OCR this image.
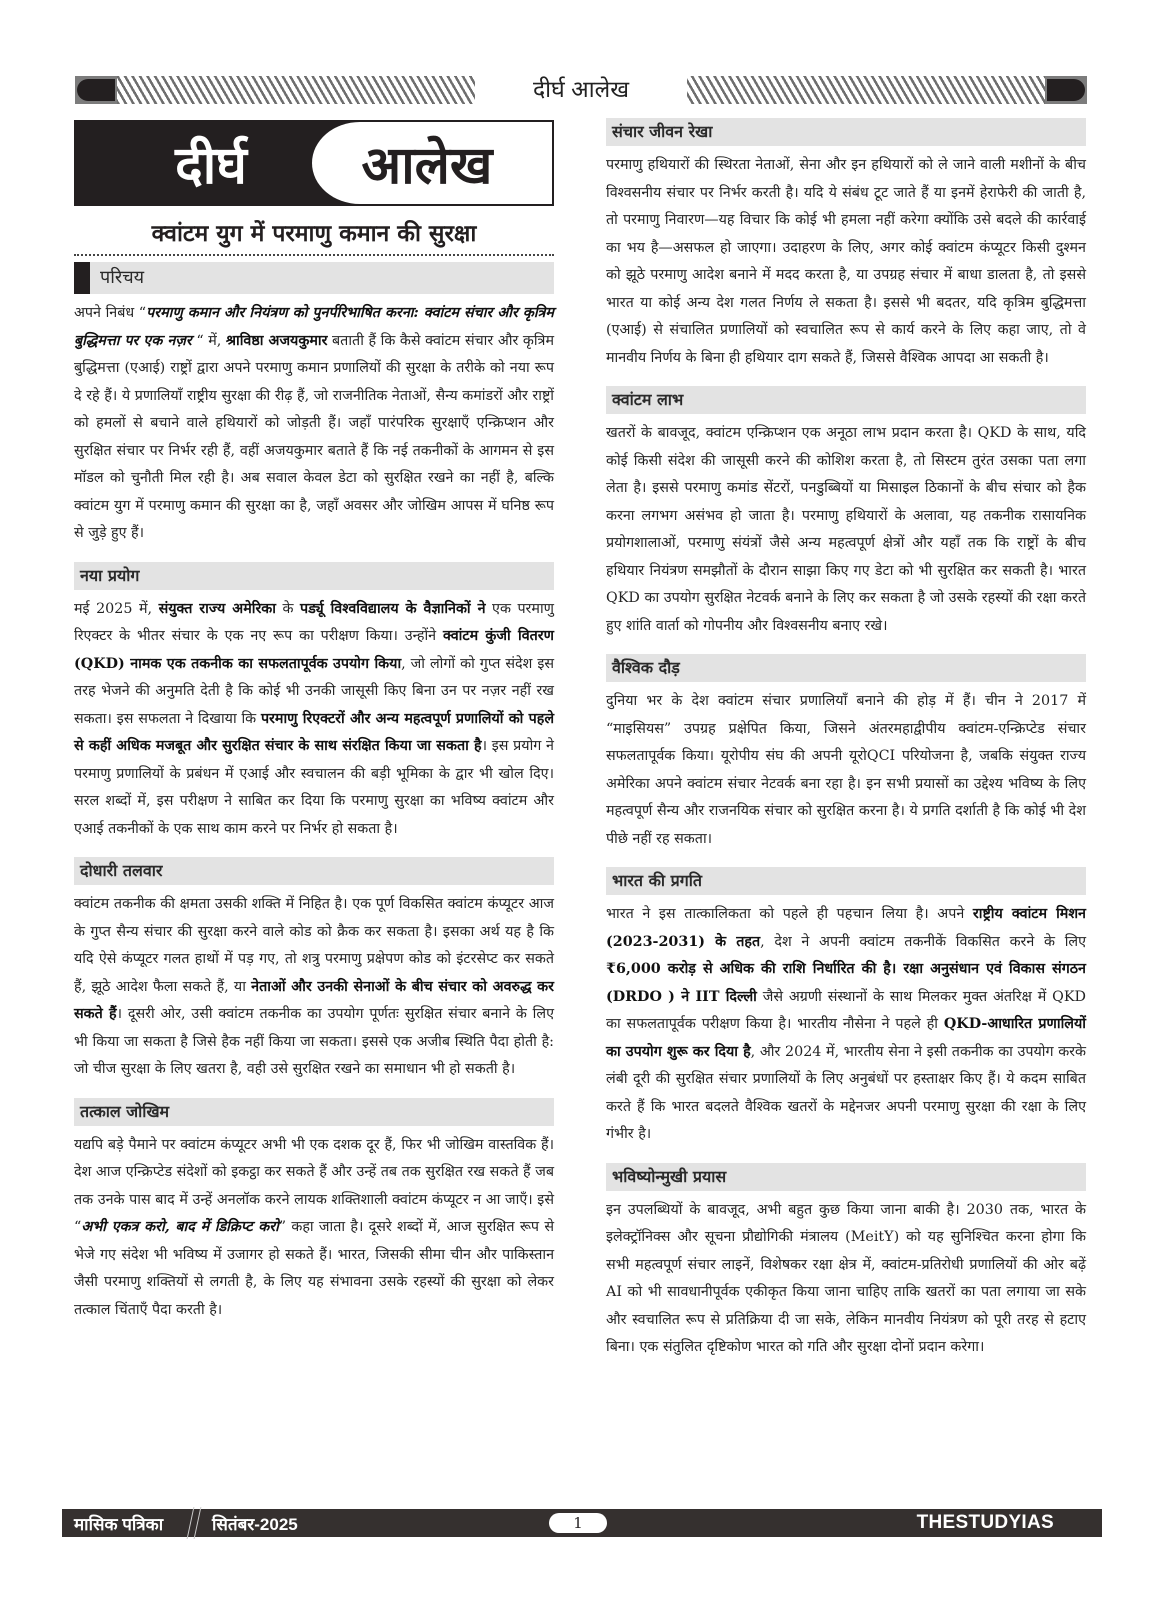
दीर्घ आलेख
दीर्घ	आलेख
क्वांटम युग में परमाणु कमान की सुरक्षा
परिचय

अपने निबंध “परमाणु कमान और नियंत्रण को पुनर्परिभाषित करना: क्वांटम संचार और कृत्रिम बुद्धिमत्ता पर एक नज़र “ में, श्राविष्ठा अजयकुमार बताती हैं कि कैसे क्वांटम संचार और कृत्रिम बुद्धिमत्ता (एआई) राष्ट्रों द्वारा अपने परमाणु कमान प्रणालियों की सुरक्षा के तरीके को नया रूप दे रहे हैं। ये प्रणालियाँ राष्ट्रीय सुरक्षा की रीढ़ हैं, जो राजनीतिक नेताओं, सैन्य कमांडरों और राष्ट्रों को हमलों से बचाने वाले हथियारों को जोड़ती हैं। जहाँ पारंपरिक सुरक्षाएँ एन्क्रिप्शन और सुरक्षित संचार पर निर्भर रही हैं, वहीं अजयकुमार बताते हैं कि नई तकनीकों के आगमन से इस मॉडल को चुनौती मिल रही है। अब सवाल केवल डेटा को सुरक्षित रखने का नहीं है, बल्कि क्वांटम युग में परमाणु कमान की सुरक्षा का है, जहाँ अवसर और जोखिम आपस में घनिष्ठ रूप से जुड़े हुए हैं।

नया प्रयोग

मई 2025 में, संयुक्त राज्य अमेरिका के पर्ड्यू विश्वविद्यालय के वैज्ञानिकों ने एक परमाणु रिएक्टर के भीतर संचार के एक नए रूप का परीक्षण किया। उन्होंने क्वांटम कुंजी वितरण (QKD) नामक एक तकनीक का सफलतापूर्वक उपयोग किया, जो लोगों को गुप्त संदेश इस तरह भेजने की अनुमति देती है कि कोई भी उनकी जासूसी किए बिना उन पर नज़र नहीं रख सकता। इस सफलता ने दिखाया कि परमाणु रिएक्टरों और अन्य महत्वपूर्ण प्रणालियों को पहले से कहीं अधिक मजबूत और सुरक्षित संचार के साथ संरक्षित किया जा सकता है। इस प्रयोग ने परमाणु प्रणालियों के प्रबंधन में एआई और स्वचालन की बड़ी भूमिका के द्वार भी खोल दिए। सरल शब्दों में, इस परीक्षण ने साबित कर दिया कि परमाणु सुरक्षा का भविष्य क्वांटम और एआई तकनीकों के एक साथ काम करने पर निर्भर हो सकता है।

दोधारी तलवार

क्वांटम तकनीक की क्षमता उसकी शक्ति में निहित है। एक पूर्ण विकसित क्वांटम कंप्यूटर आज के गुप्त सैन्य संचार की सुरक्षा करने वाले कोड को क्रैक कर सकता है। इसका अर्थ यह है कि यदि ऐसे कंप्यूटर गलत हाथों में पड़ गए, तो शत्रु परमाणु प्रक्षेपण कोड को इंटरसेप्ट कर सकते हैं, झूठे आदेश फैला सकते हैं, या नेताओं और उनकी सेनाओं के बीच संचार को अवरुद्ध कर सकते हैं। दूसरी ओर, उसी क्वांटम तकनीक का उपयोग पूर्णतः सुरक्षित संचार बनाने के लिए भी किया जा सकता है जिसे हैक नहीं किया जा सकता। इससे एक अजीब स्थिति पैदा होती है: जो चीज सुरक्षा के लिए खतरा है, वही उसे सुरक्षित रखने का समाधान भी हो सकती है।

तत्काल जोखिम

यद्यपि बड़े पैमाने पर क्वांटम कंप्यूटर अभी भी एक दशक दूर हैं, फिर भी जोखिम वास्तविक हैं। देश आज एन्क्रिप्टेड संदेशों को इकट्ठा कर सकते हैं और उन्हें तब तक सुरक्षित रख सकते हैं जब तक उनके पास बाद में उन्हें अनलॉक करने लायक शक्तिशाली क्वांटम कंप्यूटर न आ जाएँ। इसे “अभी एकत्र करो, बाद में डिक्रिप्ट करो” कहा जाता है। दूसरे शब्दों में, आज सुरक्षित रूप से भेजे गए संदेश भी भविष्य में उजागर हो सकते हैं। भारत, जिसकी सीमा चीन और पाकिस्तान जैसी परमाणु शक्तियों से लगती है, के लिए यह संभावना उसके रहस्यों की सुरक्षा को लेकर तत्काल चिंताएँ पैदा करती है।

संचार जीवन रेखा

परमाणु हथियारों की स्थिरता नेताओं, सेना और इन हथियारों को ले जाने वाली मशीनों के बीच विश्वसनीय संचार पर निर्भर करती है। यदि ये संबंध टूट जाते हैं या इनमें हेराफेरी की जाती है, तो परमाणु निवारण—यह विचार कि कोई भी हमला नहीं करेगा क्योंकि उसे बदले की कार्रवाई का भय है—असफल हो जाएगा। उदाहरण के लिए, अगर कोई क्वांटम कंप्यूटर किसी दुश्मन को झूठे परमाणु आदेश बनाने में मदद करता है, या उपग्रह संचार में बाधा डालता है, तो इससे भारत या कोई अन्य देश गलत निर्णय ले सकता है। इससे भी बदतर, यदि कृत्रिम बुद्धिमत्ता (एआई) से संचालित प्रणालियों को स्वचालित रूप से कार्य करने के लिए कहा जाए, तो वे मानवीय निर्णय के बिना ही हथियार दाग सकते हैं, जिससे वैश्विक आपदा आ सकती है।

क्वांटम लाभ

खतरों के बावजूद, क्वांटम एन्क्रिप्शन एक अनूठा लाभ प्रदान करता है। QKD के साथ, यदि कोई किसी संदेश की जासूसी करने की कोशिश करता है, तो सिस्टम तुरंत उसका पता लगा लेता है। इससे परमाणु कमांड सेंटरों, पनडुब्बियों या मिसाइल ठिकानों के बीच संचार को हैक करना लगभग असंभव हो जाता है। परमाणु हथियारों के अलावा, यह तकनीक रासायनिक प्रयोगशालाओं, परमाणु संयंत्रों जैसे अन्य महत्वपूर्ण क्षेत्रों और यहाँ तक कि राष्ट्रों के बीच हथियार नियंत्रण समझौतों के दौरान साझा किए गए डेटा को भी सुरक्षित कर सकती है। भारत QKD का उपयोग सुरक्षित नेटवर्क बनाने के लिए कर सकता है जो उसके रहस्यों की रक्षा करते हुए शांति वार्ता को गोपनीय और विश्वसनीय बनाए रखे।

वैश्विक दौड़

दुनिया भर के देश क्वांटम संचार प्रणालियाँ बनाने की होड़ में हैं। चीन ने 2017 में “माइसियस” उपग्रह प्रक्षेपित किया, जिसने अंतरमहाद्वीपीय क्वांटम-एन्क्रिप्टेड संचार सफलतापूर्वक किया। यूरोपीय संघ की अपनी यूरोQCI परियोजना है, जबकि संयुक्त राज्य अमेरिका अपने क्वांटम संचार नेटवर्क बना रहा है। इन सभी प्रयासों का उद्देश्य भविष्य के लिए महत्वपूर्ण सैन्य और राजनयिक संचार को सुरक्षित करना है। ये प्रगति दर्शाती है कि कोई भी देश पीछे नहीं रह सकता।

भारत की प्रगति

भारत ने इस तात्कालिकता को पहले ही पहचान लिया है। अपने राष्ट्रीय क्वांटम मिशन (2023-2031) के तहत, देश ने अपनी क्वांटम तकनीकें विकसित करने के लिए ₹6,000 करोड़ से अधिक की राशि निर्धारित की है। रक्षा अनुसंधान एवं विकास संगठन (DRDO ) ने IIT दिल्ली जैसे अग्रणी संस्थानों के साथ मिलकर मुक्त अंतरिक्ष में QKD का सफलतापूर्वक परीक्षण किया है। भारतीय नौसेना ने पहले ही QKD-आधारित प्रणालियों का उपयोग शुरू कर दिया है, और 2024 में, भारतीय सेना ने इसी तकनीक का उपयोग करके लंबी दूरी की सुरक्षित संचार प्रणालियों के लिए अनुबंधों पर हस्ताक्षर किए हैं। ये कदम साबित करते हैं कि भारत बदलते वैश्विक खतरों के मद्देनजर अपनी परमाणु सुरक्षा की रक्षा के लिए गंभीर है।

भविष्योन्मुखी प्रयास

इन उपलब्धियों के बावजूद, अभी बहुत कुछ किया जाना बाकी है। 2030 तक, भारत के इलेक्ट्रॉनिक्स और सूचना प्रौद्योगिकी मंत्रालय (MeitY) को यह सुनिश्चित करना होगा कि सभी महत्वपूर्ण संचार लाइनें, विशेषकर रक्षा क्षेत्र में, क्वांटम-प्रतिरोधी प्रणालियों की ओर बढ़ें AI को भी सावधानीपूर्वक एकीकृत किया जाना चाहिए ताकि खतरों का पता लगाया जा सके और स्वचालित रूप से प्रतिक्रिया दी जा सके, लेकिन मानवीय नियंत्रण को पूरी तरह से हटाए बिना। एक संतुलित दृष्टिकोण भारत को गति और सुरक्षा दोनों प्रदान करेगा।

मासिक पत्रिका	सितंबर-2025	1	THESTUDYIAS
